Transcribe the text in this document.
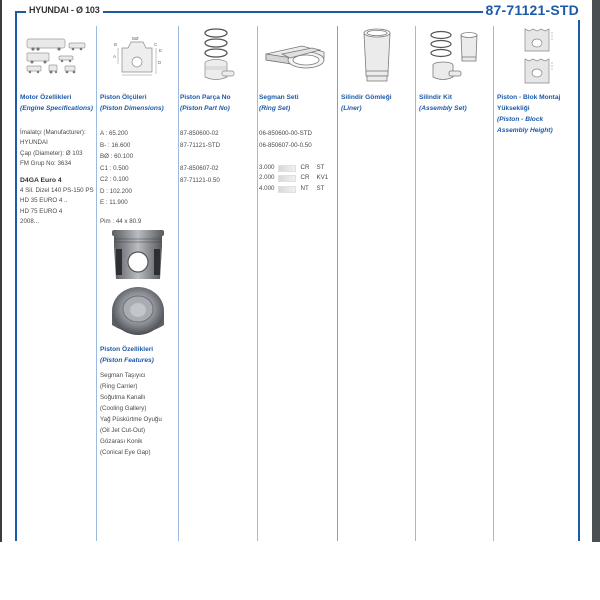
HYUNDAI - Ø 103	87-71121-STD
Motor Özellikleri
(Engine Specifications)
İmalatçı (Manufacturer):
HYUNDAI
Çap (Diameter): Ø 103
FM Grup No: 3634
D4GA Euro 4
4 Sil. Dizel 140 PS-150 PS
HD 35 EURO 4 ..
HD 75 EURO 4
2008...
BØ
B
A
D
C
E
Piston Ölçüleri
(Piston Dimensions)
A : 65.200
B- : 16.600
BØ : 60.100
C1 : 0.500
C2 : 0.100
D : 102.200
E : 11.900
Pim : 44 x 80.9
Piston Özellikleri
(Piston Features)
Segman Taşıyıcı
(Ring Carrier)
Soğutma Kanallı
(Cooling Gallery)
Yağ Püskürtme Oyuğu
(Oil Jet Cut-Out)
Gözarası Konik
(Conical Eye Gap)
Piston Parça No
(Piston Part No)
87-850600-02
87-71121-STD
87-850607-02
87-71121-0.50
Segman Seti
(Ring Set)
06-850600-00-STD
06-850607-00-0.50
3.000	CR	ST
2.000	CR	KV1
4.000	NT	ST
Silindir Gömleği
(Liner)
Silindir Kit
(Assembly Set)
Piston - Blok Montaj
Yüksekliği
(Piston - Block
Assembly Height)
